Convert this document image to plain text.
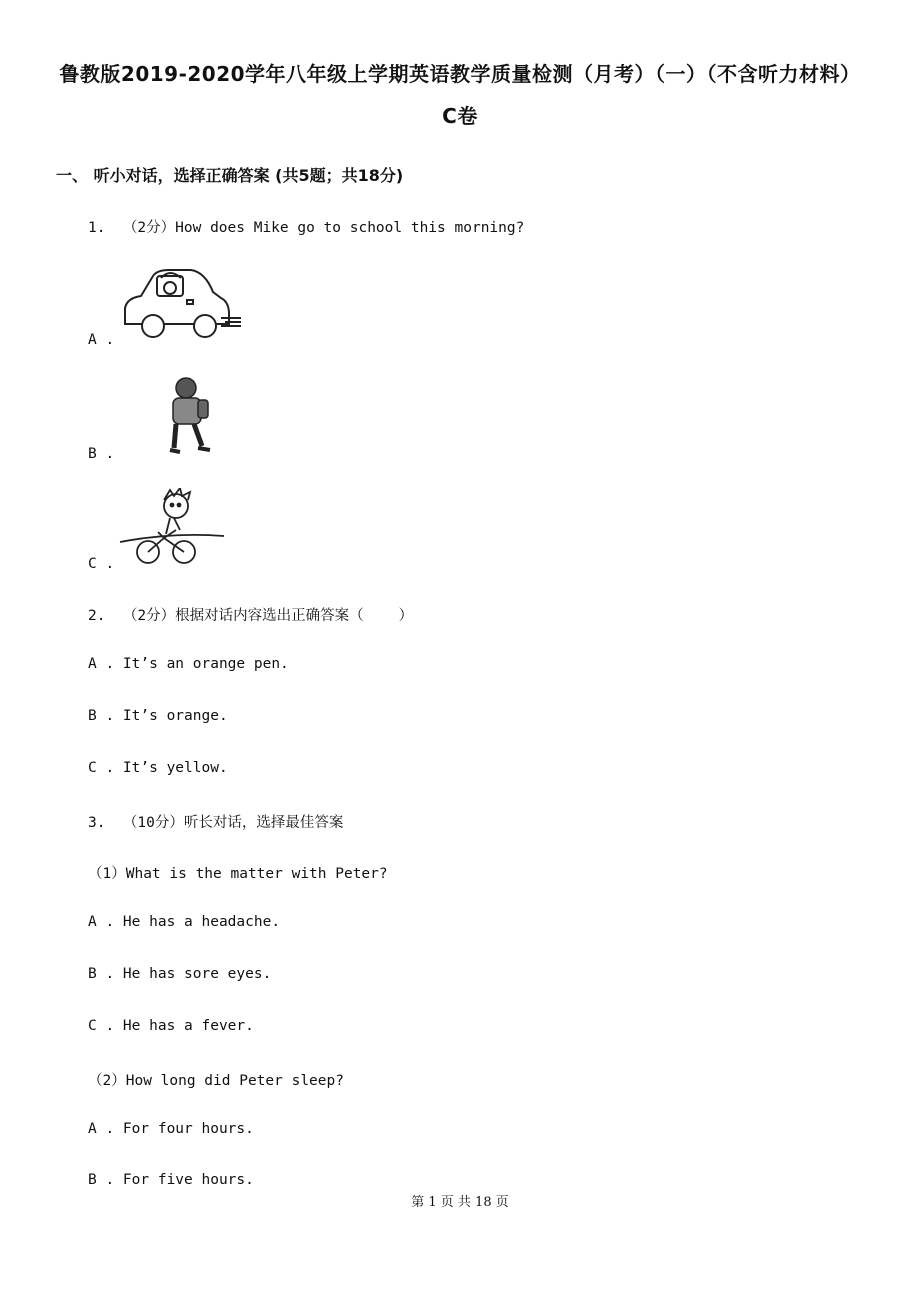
鲁教版2019-2020学年八年级上学期英语教学质量检测（月考）（一）（不含听力材料）
C卷
一、 听小对话，选择正确答案 (共5题；共18分)
1.  （2分）How does Mike go to school this morning?
A .
B .
C .
2.  （2分）根据对话内容选出正确答案（    ）
A . It’s an orange pen.
B . It’s orange.
C . It’s yellow.
3.  （10分）听长对话，选择最佳答案
（1）What is the matter with Peter?
A . He has a headache.
B . He has sore eyes.
C . He has a fever.
（2）How long did Peter sleep?
A . For four hours.
B . For five hours.
第 1 页 共 18 页
